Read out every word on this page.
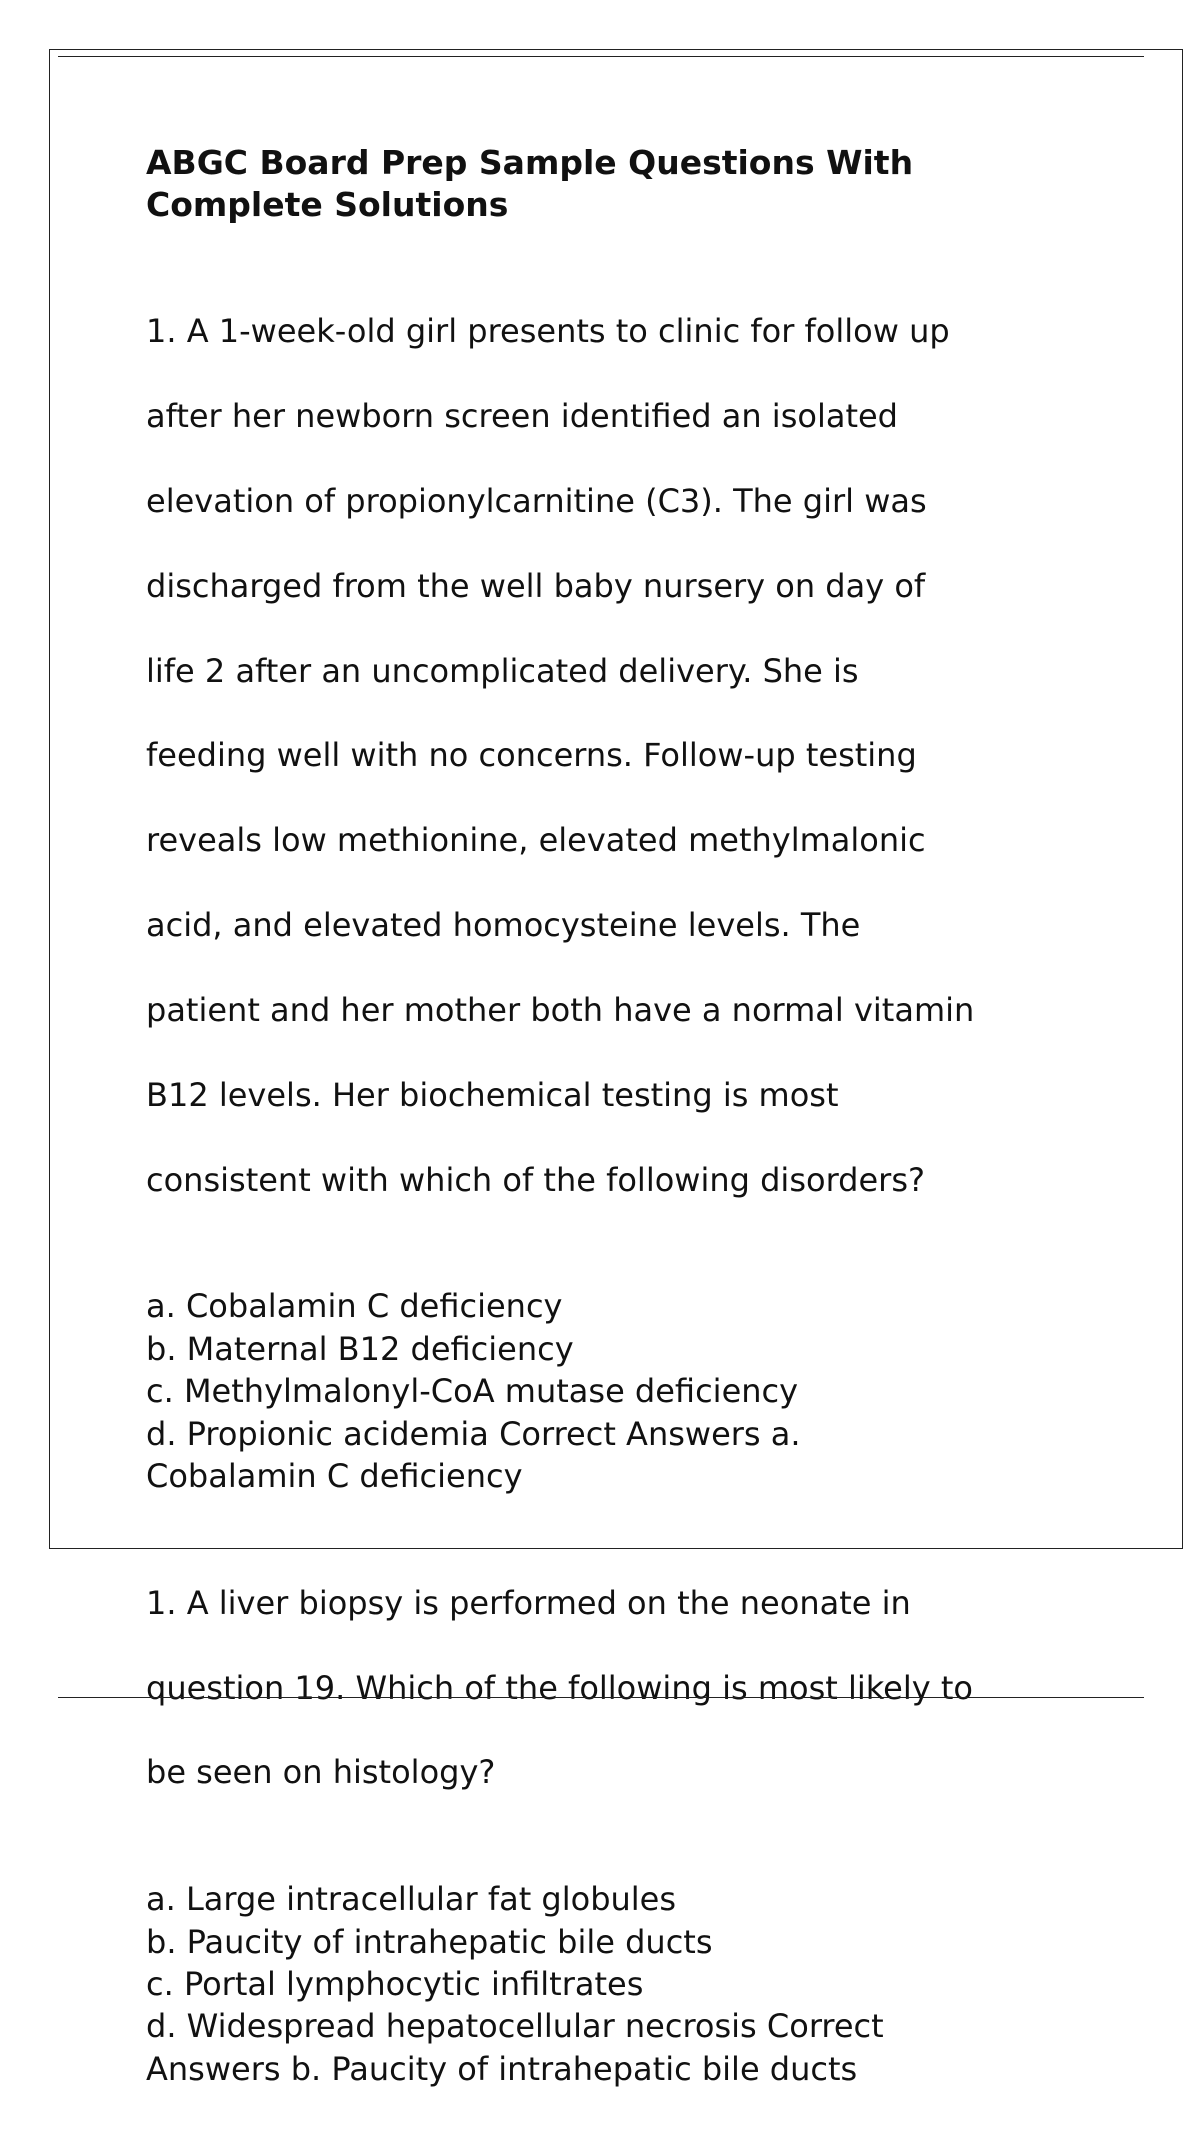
ABGC Board Prep Sample Questions With
Complete Solutions

1. A 1-week-old girl presents to clinic for follow up

after her newborn screen identified an isolated

elevation of propionylcarnitine (C3). The girl was

discharged from the well baby nursery on day of

life 2 after an uncomplicated delivery. She is

feeding well with no concerns. Follow-up testing

reveals low methionine, elevated methylmalonic

acid, and elevated homocysteine levels. The

patient and her mother both have a normal vitamin

B12 levels. Her biochemical testing is most

consistent with which of the following disorders?

a. Cobalamin C deficiency
b. Maternal B12 deficiency
c. Methylmalonyl-CoA mutase deficiency
d. Propionic acidemia Correct Answers a.
Cobalamin C deficiency

1. A liver biopsy is performed on the neonate in

question 19. Which of the following is most likely to

be seen on histology?

a. Large intracellular fat globules
b. Paucity of intrahepatic bile ducts
c. Portal lymphocytic infiltrates
d. Widespread hepatocellular necrosis Correct
Answers b. Paucity of intrahepatic bile ducts
